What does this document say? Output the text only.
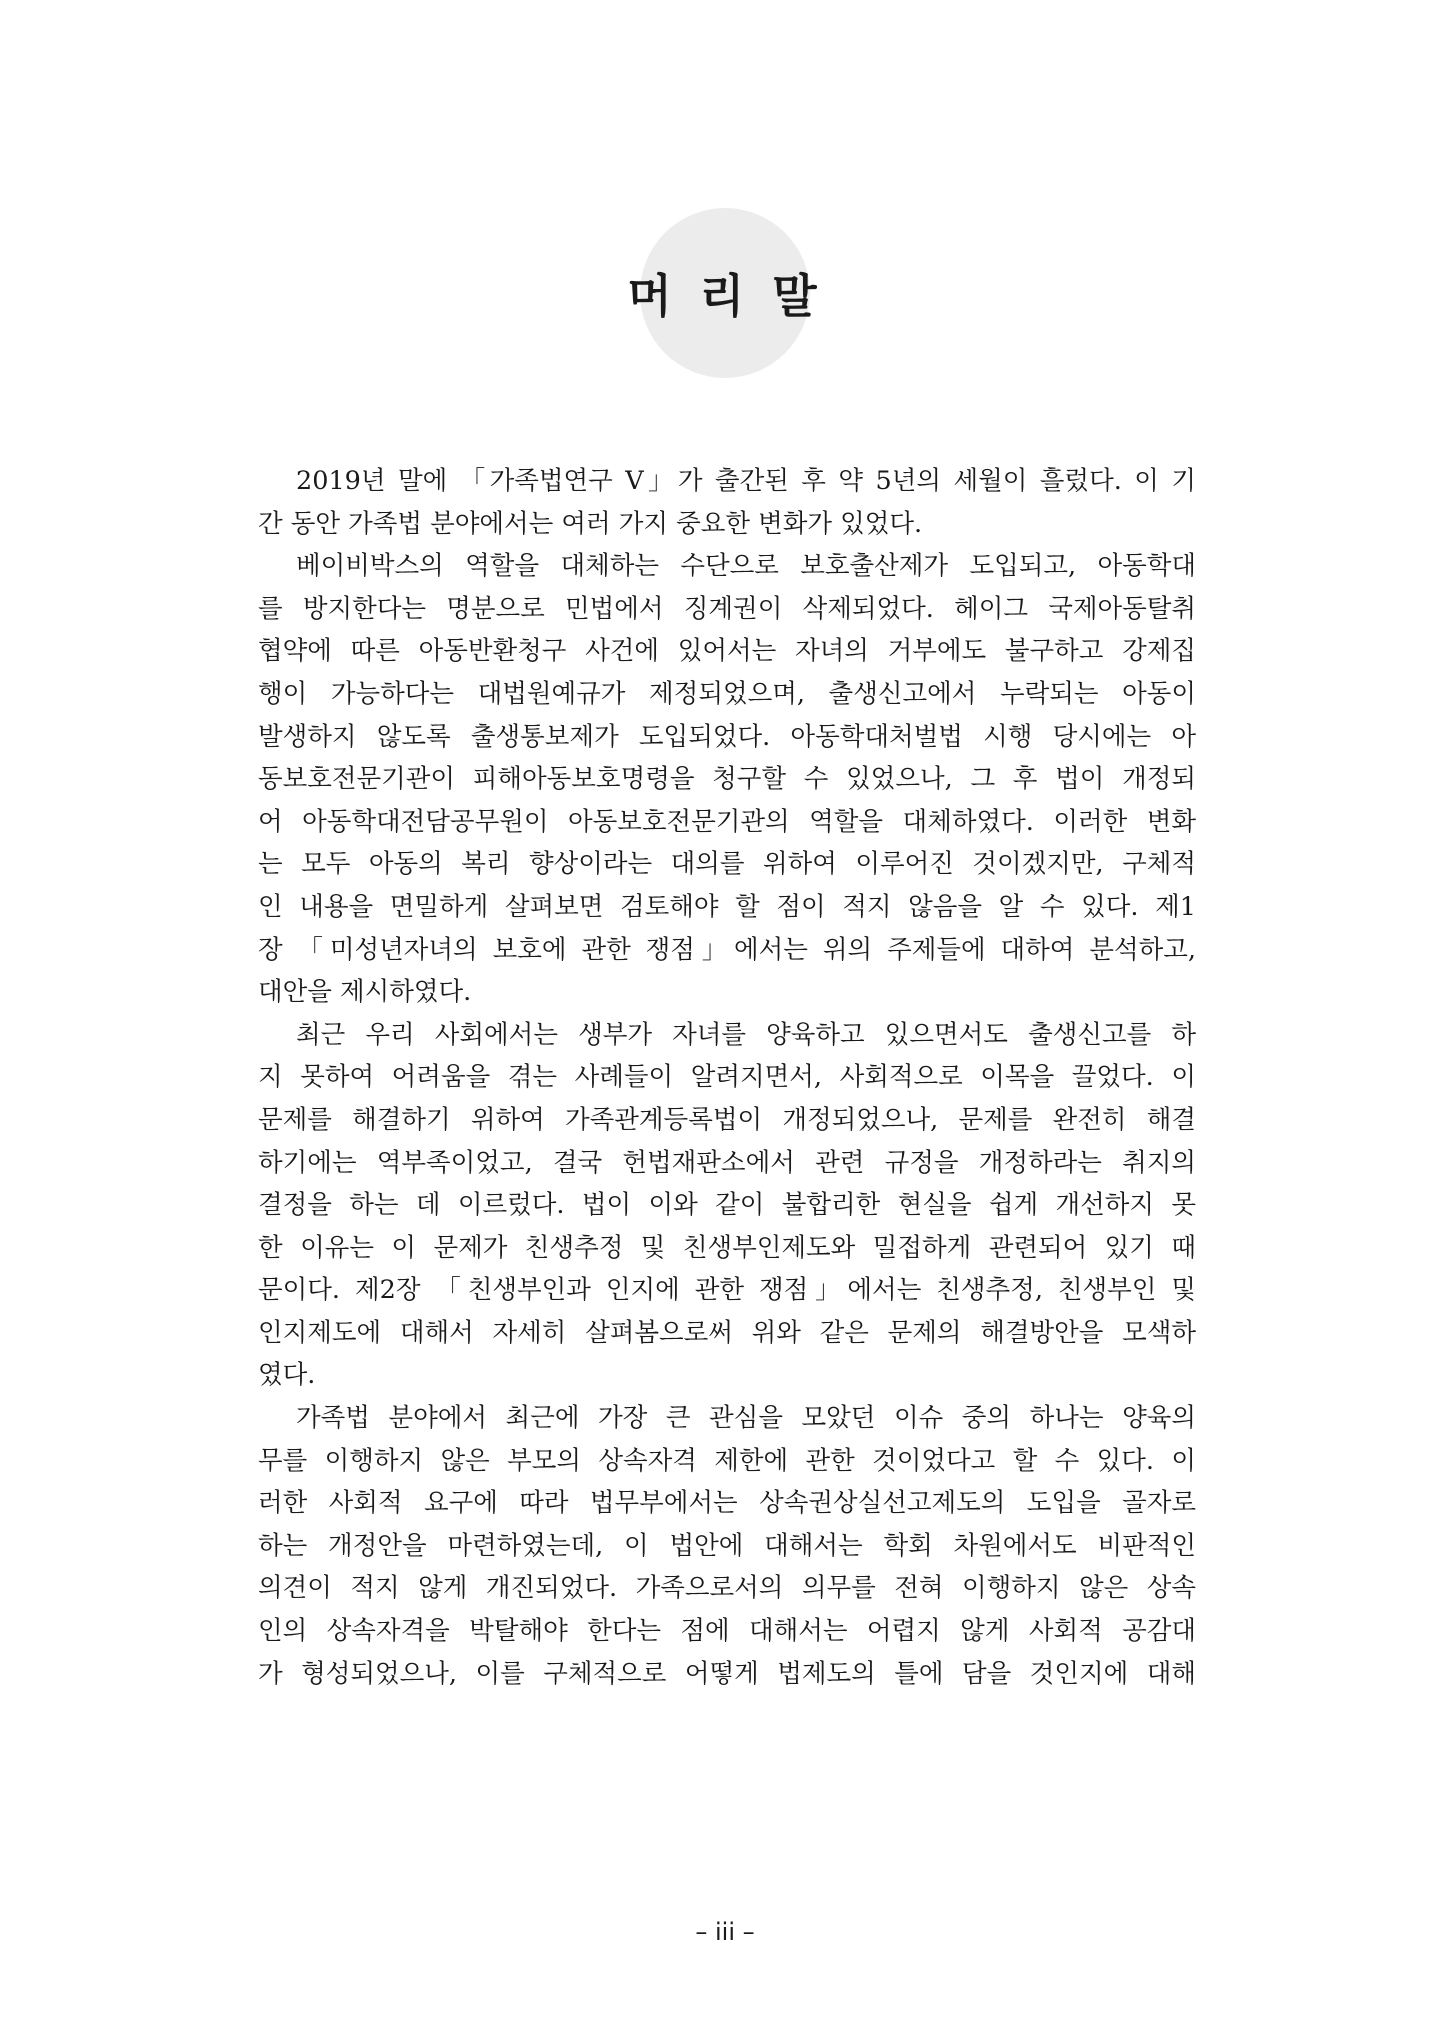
머 리 말
2019년 말에 「가족법연구 V」가 출간된 후 약 5년의 세월이 흘렀다. 이 기
간 동안 가족법 분야에서는 여러 가지 중요한 변화가 있었다.
베이비박스의 역할을 대체하는 수단으로 보호출산제가 도입되고, 아동학대
를 방지한다는 명분으로 민법에서 징계권이 삭제되었다. 헤이그 국제아동탈취
협약에 따른 아동반환청구 사건에 있어서는 자녀의 거부에도 불구하고 강제집
행이 가능하다는 대법원예규가 제정되었으며, 출생신고에서 누락되는 아동이
발생하지 않도록 출생통보제가 도입되었다. 아동학대처벌법 시행 당시에는 아
동보호전문기관이 피해아동보호명령을 청구할 수 있었으나, 그 후 법이 개정되
어 아동학대전담공무원이 아동보호전문기관의 역할을 대체하였다. 이러한 변화
는 모두 아동의 복리 향상이라는 대의를 위하여 이루어진 것이겠지만, 구체적
인 내용을 면밀하게 살펴보면 검토해야 할 점이 적지 않음을 알 수 있다. 제1
장 「미성년자녀의 보호에 관한 쟁점」에서는 위의 주제들에 대하여 분석하고,
대안을 제시하였다.
최근 우리 사회에서는 생부가 자녀를 양육하고 있으면서도 출생신고를 하
지 못하여 어려움을 겪는 사례들이 알려지면서, 사회적으로 이목을 끌었다. 이
문제를 해결하기 위하여 가족관계등록법이 개정되었으나, 문제를 완전히 해결
하기에는 역부족이었고, 결국 헌법재판소에서 관련 규정을 개정하라는 취지의
결정을 하는 데 이르렀다. 법이 이와 같이 불합리한 현실을 쉽게 개선하지 못
한 이유는 이 문제가 친생추정 및 친생부인제도와 밀접하게 관련되어 있기 때
문이다. 제2장 「친생부인과 인지에 관한 쟁점」에서는 친생추정, 친생부인 및
인지제도에 대해서 자세히 살펴봄으로써 위와 같은 문제의 해결방안을 모색하
였다.
가족법 분야에서 최근에 가장 큰 관심을 모았던 이슈 중의 하나는 양육의
무를 이행하지 않은 부모의 상속자격 제한에 관한 것이었다고 할 수 있다. 이
러한 사회적 요구에 따라 법무부에서는 상속권상실선고제도의 도입을 골자로
하는 개정안을 마련하였는데, 이 법안에 대해서는 학회 차원에서도 비판적인
의견이 적지 않게 개진되었다. 가족으로서의 의무를 전혀 이행하지 않은 상속
인의 상속자격을 박탈해야 한다는 점에 대해서는 어렵지 않게 사회적 공감대
가 형성되었으나, 이를 구체적으로 어떻게 법제도의 틀에 담을 것인지에 대해
– iii –
